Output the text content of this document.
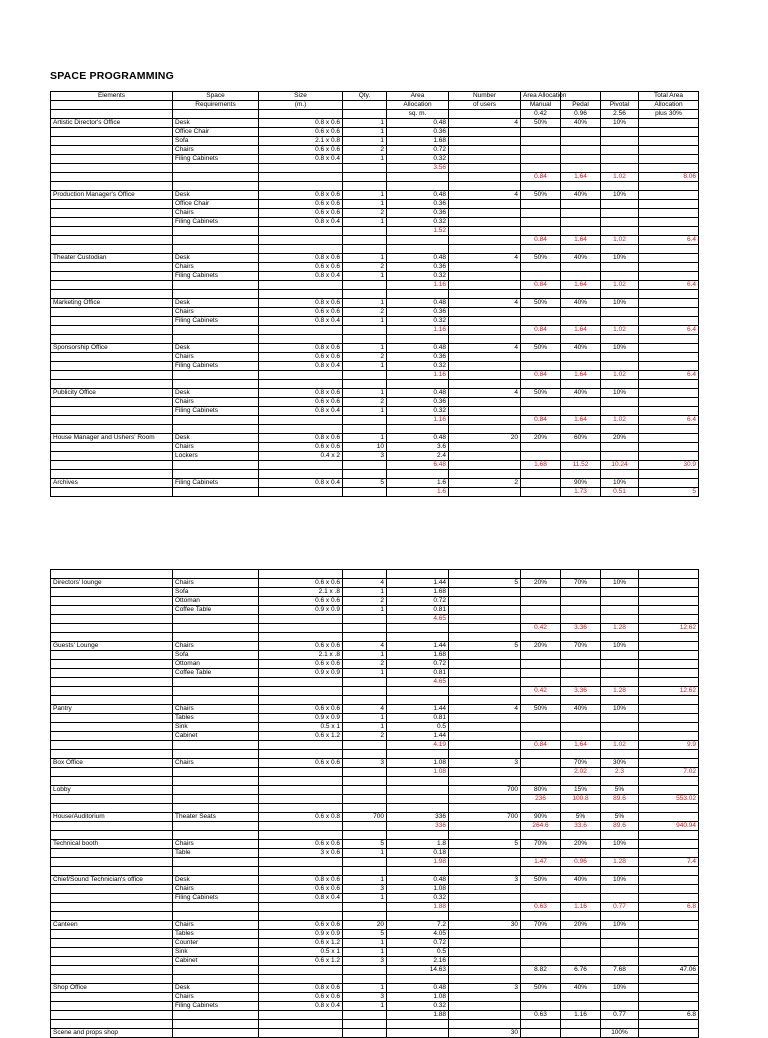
SPACE PROGRAMMING
Elements	Space	Size	Qty.	Area	Number	Area Allocation			Total Area
	Requirements	(m.)		Allocation	of users	Manual	Pedal	Pivotal	Allocation
				sq. m.		0.42	0.96	2.56	plus 30%
Artistic Director's Office	Desk	0.8 x 0.6	1	0.48	4	50%	40%	10%	
	Office Chair	0.6 x 0.6	1	0.36					
	Sofa	2.1 x 0.8	1	1.68					
	Chairs	0.6 x 0.6	2	0.72					
	Filing Cabinets	0.8 x 0.4	1	0.32					
				3.56					
						0.84	1.64	1.02	8.06

Production Manager's Office	Desk	0.8 x 0.6	1	0.48	4	50%	40%	10%	
	Office Chair	0.6 x 0.6	1	0.36					
	Chairs	0.6 x 0.6	2	0.36					
	Filing Cabinets	0.8 x 0.4	1	0.32					
				1.52					
						0.84	1.64	1.02	6.4

Theater Custodian	Desk	0.8 x 0.6	1	0.48	4	50%	40%	10%	
	Chairs	0.6 x 0.6	2	0.36					
	Filing Cabinets	0.8 x 0.4	1	0.32					
				1.16		0.84	1.64	1.02	6.4

Marketing Office	Desk	0.8 x 0.6	1	0.48	4	50%	40%	10%	
	Chairs	0.6 x 0.6	2	0.36					
	Filing Cabinets	0.8 x 0.4	1	0.32					
				1.16		0.84	1.64	1.02	6.4

Sponsorship Office	Desk	0.8 x 0.6	1	0.48	4	50%	40%	10%	
	Chairs	0.6 x 0.6	2	0.36					
	Filing Cabinets	0.8 x 0.4	1	0.32					
				1.16		0.84	1.64	1.02	6.4

Publicity Office	Desk	0.8 x 0.6	1	0.48	4	50%	40%	10%	
	Chairs	0.6 x 0.6	2	0.36					
	Filing Cabinets	0.8 x 0.4	1	0.32					
				1.16		0.84	1.64	1.02	6.4

House Manager and Ushers' Room	Desk	0.8 x 0.6	1	0.48	20	20%	60%	20%	
	Chairs	0.6 x 0.6	10	3.6					
	Lockers	0.4 x 2	3	2.4					
				6.48		1.68	11.52	10.24	30.9

Archives	Filing Cabinets	0.8 x 0.4	5	1.6	2		90%	10%	
				1.6			1.73	0.51	5

Directors' lounge	Chairs	0.6 x 0.6	4	1.44	5	20%	70%	10%	
	Sofa	2.1 x .8	1	1.68					
	Ottoman	0.6 x 0.6	2	0.72					
	Coffee Table	0.9 x 0.9	1	0.81					
				4.65					
						0.42	3.36	1.28	12.62

Guests' Lounge	Chairs	0.6 x 0.6	4	1.44	5	20%	70%	10%	
	Sofa	2.1 x .8	1	1.68					
	Ottoman	0.6 x 0.6	2	0.72					
	Coffee Table	0.9 x 0.9	1	0.81					
				4.65					
						0.42	3.36	1.28	12.62

Pantry	Chairs	0.6 x 0.6	4	1.44	4	50%	40%	10%	
	Tables	0.9 x 0.9	1	0.81					
	Sink	0.5 x 1	1	0.5					
	Cabinet	0.6 x 1.2	2	1.44					
				4.19		0.84	1.64	1.02	9.9

Box Office	Chairs	0.6 x 0.6	3	1.08	3		70%	30%	
				1.08			2.02	2.3	7.02

Lobby					700	80%	15%	5%	
						236	100.8	89.6	553.02

House/Auditorium	Theater Seats	0.6 x 0.8	700	336	700	90%	5%	5%	
				336		264.6	33.6	89.6	940.94

Technical booth	Chairs	0.6 x 0.6	5	1.8	5	70%	20%	10%	
	Table	3 x 0.6	1	0.18					
				1.98		1.47	0.96	1.28	7.4

Chief/Sound Technician's office	Desk	0.8 x 0.6	1	0.48	3	50%	40%	10%	
	Chairs	0.6 x 0.6	3	1.08					
	Filing Cabinets	0.8 x 0.4	1	0.32					
				1.88		0.63	1.16	0.77	6.8

Canteen	Chairs	0.6 x 0.6	20	7.2	30	70%	20%	10%	
	Tables	0.9 x 0.9	5	4.05					
	Counter	0.6 x 1.2	1	0.72					
	Sink	0.5 x 1	1	0.5					
	Cabinet	0.6 x 1.2	3	2.16					
				14.63		8.82	6.76	7.68	47.06

Shop Office	Desk	0.8 x 0.6	1	0.48	3	50%	40%	10%	
	Chairs	0.6 x 0.6	3	1.08					
	Filing Cabinets	0.8 x 0.4	1	0.32					
				1.88		0.63	1.16	0.77	6.8

Scene and props shop					30			100%	
